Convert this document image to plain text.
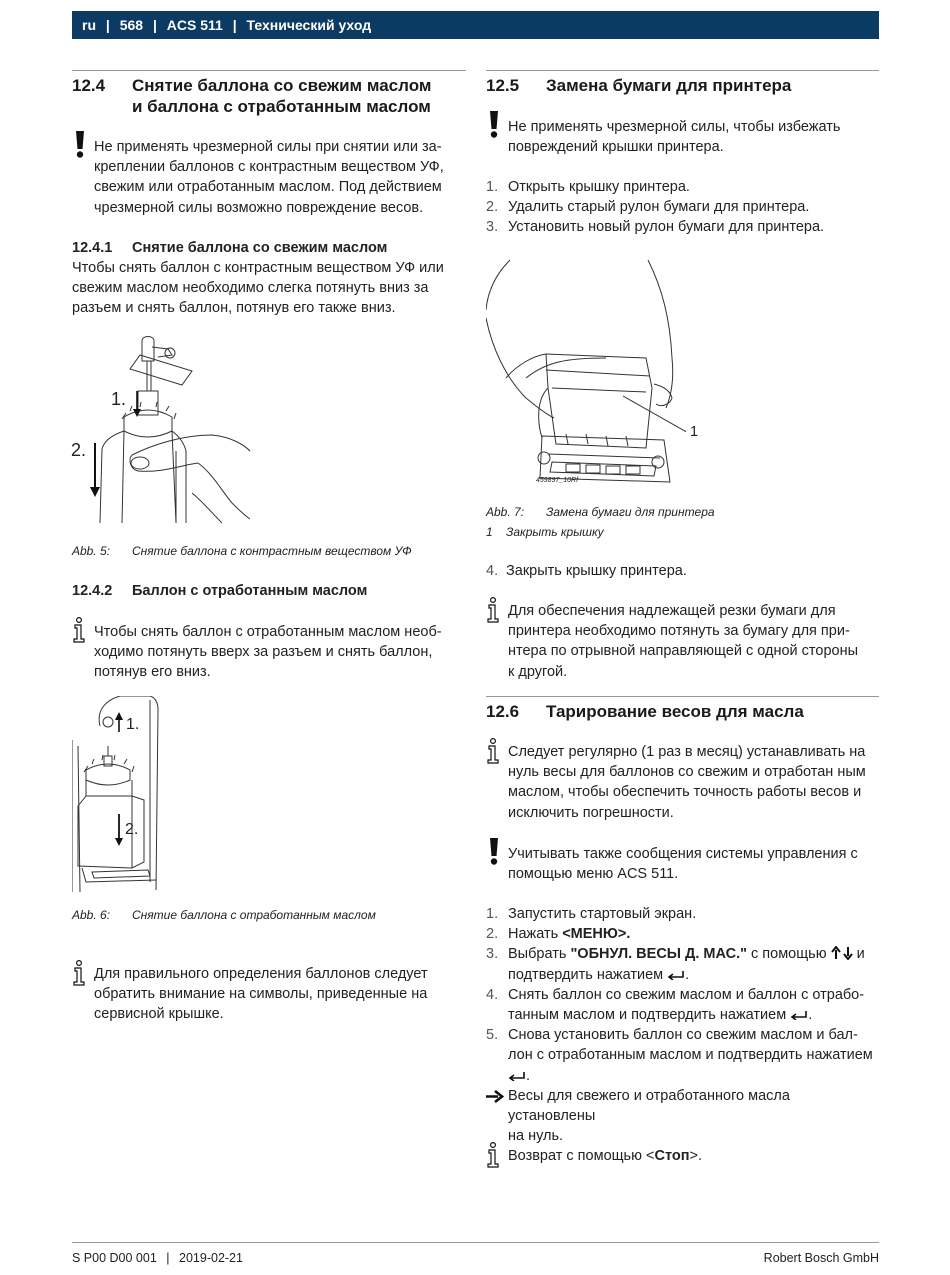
ru | 568 | ACS 511 | Технический уход
12.4 Снятие баллона со свежим маслом
и баллона с отработанным маслом
Не применять чрезмерной силы при снятии или за-
креплении баллонов с контрастным веществом УФ,
свежим или отработанным маслом. Под действием
чрезмерной силы возможно повреждение весов.
12.4.1 Снятие баллона со свежим маслом
Чтобы снять баллон с контрастным веществом УФ или
свежим маслом необходимо слегка потянуть вниз за
разъем и снять баллон, потянув его также вниз.
1.
2.
Abb. 5: Снятие баллона с контрастным веществом УФ
12.4.2 Баллон с отработанным маслом
Чтобы снять баллон с отработанным маслом необ-
ходимо потянуть вверх за разъем и снять баллон,
потянув его вниз.
1.
2.
Abb. 6: Снятие баллона с отработанным маслом
Для правильного определения баллонов следует
обратить внимание на символы, приведенные на
сервисной крышке.
12.5 Замена бумаги для принтера
Не применять чрезмерной силы, чтобы избежать
повреждений крышки принтера.
1. Открыть крышку принтера.
2. Удалить старый рулон бумаги для принтера.
3. Установить новый рулон бумаги для принтера.
1
459897_10Rf
Abb. 7: Замена бумаги для принтера
1 Закрыть крышку
4. Закрыть крышку принтера.
Для обеспечения надлежащей резки бумаги для
принтера необходимо потянуть за бумагу для при-
нтера по отрывной направляющей с одной стороны
к другой.
12.6 Тарирование весов для масла
Следует регулярно (1 раз в месяц) устанавливать на
нуль весы для баллонов со свежим и отработан ным
маслом, чтобы обеспечить точность работы весов и
исключить погрешности.
Учитывать также сообщения системы управления с
помощью меню ACS 511.
1. Запустить стартовый экран.
2. Нажать <МЕНЮ>.
3. Выбрать "ОБНУЛ. ВЕСЫ Д. МАС." с помощью  и
подтвердить нажатием .
4. Снять баллон со свежим маслом и баллон с отрабо-
танным маслом и подтвердить нажатием .
5. Снова установить баллон со свежим маслом и бал-
лон с отработанным маслом и подтвердить нажатием
.
Весы для свежего и отработанного масла установлены
на нуль.
Возврат с помощью <Стоп>.
S P00 D00 001 | 2019-02-21	Robert Bosch GmbH
